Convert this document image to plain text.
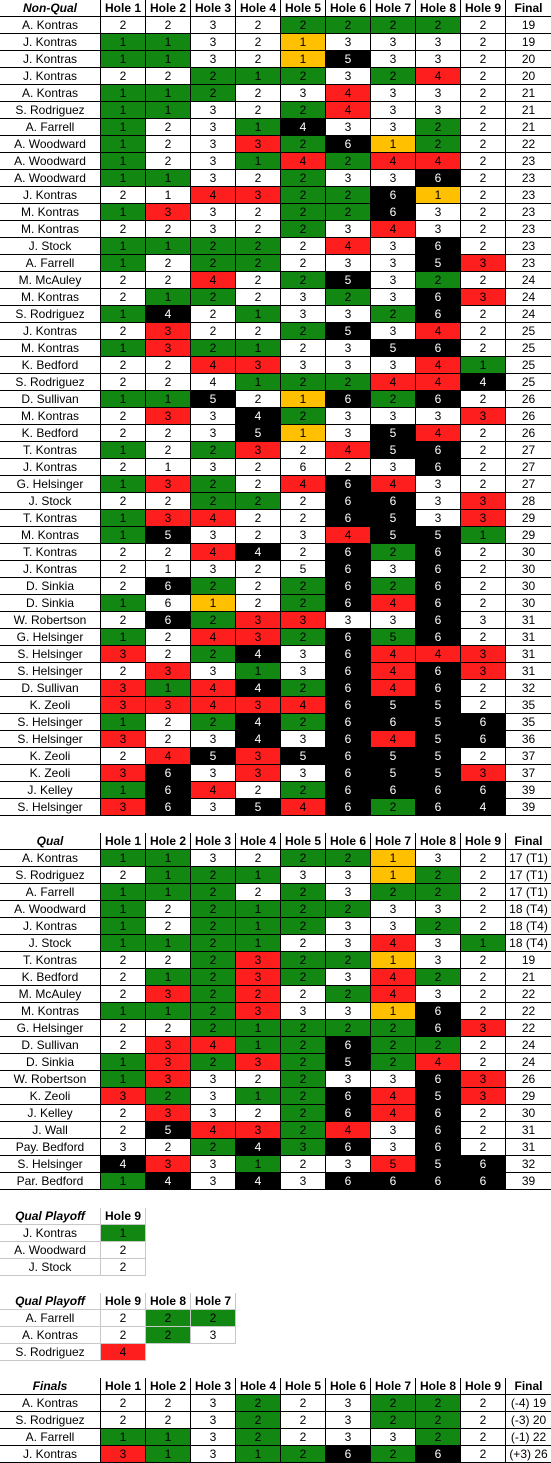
Non-Qual	Hole 1 Hole 2 Hole 3 Hole 4 Hole 5 Hole 6 Hole 7 Hole 8 Hole 9	Final
A. Kontras	2	2	3	2	2	2	2	2	2	19
J. Kontras	1	1	3	2	1	3	3	3	2	19
J. Kontras	1	1	3	2	1	5	3	3	2	20
J. Kontras	2	2	2	1	2	3	2	4	2	20
A. Kontras	1	1	2	2	3	4	3	3	2	21
S. Rodriguez	1	1	3	2	2	4	3	3	2	21
A. Farrell	1	2	3	1	4	3	3	2	2	21
A. Woodward	1	2	3	3	2	6	1	2	2	22
A. Woodward	1	2	3	1	4	2	4	4	2	23
A. Woodward	1	1	3	2	2	3	3	6	2	23
J. Kontras	2	1	4	3	2	2	6	1	2	23
M. Kontras	1	3	3	2	2	2	6	3	2	23
M. Kontras	2	2	3	2	2	3	4	3	2	23
J. Stock	1	1	2	2	2	4	3	6	2	23
A. Farrell	1	2	2	2	2	3	3	5	3	23
M. McAuley	2	2	4	2	2	5	3	2	2	24
M. Kontras	2	1	2	2	3	2	3	6	3	24
S. Rodriguez	1	4	2	1	3	3	2	6	2	24
J. Kontras	2	3	2	2	2	5	3	4	2	25
M. Kontras	1	3	2	1	2	3	5	6	2	25
K. Bedford	2	2	4	3	3	3	3	4	1	25
S. Rodriguez	2	2	4	1	2	2	4	4	4	25
D. Sullivan	1	1	5	2	1	6	2	6	2	26
M. Kontras	2	3	3	4	2	3	3	3	3	26
K. Bedford	2	2	3	5	1	3	5	4	2	26
T. Kontras	1	2	2	3	2	4	5	6	2	27
J. Kontras	2	1	3	2	6	2	3	6	2	27
G. Helsinger	1	3	2	2	4	6	4	3	2	27
J. Stock	2	2	2	2	2	6	6	3	3	28
T. Kontras	1	3	4	2	2	6	5	3	3	29
M. Kontras	1	5	3	2	3	4	5	5	1	29
T. Kontras	2	2	4	4	2	6	2	6	2	30
J. Kontras	2	1	3	2	5	6	3	6	2	30
D. Sinkia	2	6	2	2	2	6	2	6	2	30
D. Sinkia	1	6	1	2	2	6	4	6	2	30
W. Robertson	2	6	2	3	3	3	3	6	3	31
G. Helsinger	1	2	4	3	2	6	5	6	2	31
S. Helsinger	3	2	2	4	3	6	4	4	3	31
S. Helsinger	2	3	3	1	3	6	4	6	3	31
D. Sullivan	3	1	4	4	2	6	4	6	2	32
K. Zeoli	3	3	4	3	4	6	5	5	2	35
S. Helsinger	1	2	2	4	2	6	6	5	6	35
S. Helsinger	3	2	3	4	3	6	4	5	6	36
K. Zeoli	2	4	5	3	5	6	5	5	2	37
K. Zeoli	3	6	3	3	3	6	5	5	3	37
J. Kelley	1	6	4	2	2	6	6	6	6	39
S. Helsinger	3	6	3	5	4	6	2	6	4	39
Qual	Hole 1 Hole 2 Hole 3 Hole 4 Hole 5 Hole 6 Hole 7 Hole 8 Hole 9	Final
A. Kontras	1	1	3	2	2	2	1	3	2	17 (T1)
S. Rodriguez	2	1	2	1	3	3	1	2	2	17 (T1)
A. Farrell	1	1	2	2	2	3	2	2	2	17 (T1)
A. Woodward	1	2	2	1	2	2	3	3	2	18 (T4)
J. Kontras	1	2	2	1	2	3	3	2	2	18 (T4)
J. Stock	1	1	2	1	2	3	4	3	1	18 (T4)
T. Kontras	2	2	2	3	2	2	1	3	2	19
K. Bedford	2	1	2	3	2	3	4	2	2	21
M. McAuley	2	3	2	2	2	2	4	3	2	22
M. Kontras	1	1	2	3	3	3	1	6	2	22
G. Helsinger	2	2	2	1	2	2	2	6	3	22
D. Sullivan	2	3	4	1	2	6	2	2	2	24
D. Sinkia	1	3	2	3	2	5	2	4	2	24
W. Robertson	1	3	3	2	2	3	3	6	3	26
K. Zeoli	3	2	3	1	2	6	4	5	3	29
J. Kelley	2	3	3	2	2	6	4	6	2	30
J. Wall	2	5	4	3	2	4	3	6	2	31
Pay. Bedford	3	2	2	4	3	6	3	6	2	31
S. Helsinger	4	3	3	1	2	3	5	5	6	32
Par. Bedford	1	4	3	4	3	6	6	6	6	39
Qual Playoff	Hole 9
J. Kontras	1
A. Woodward	2
J. Stock	2
Qual Playoff	Hole 9 Hole 8 Hole 7
A. Farrell	2	2	2
A. Kontras	2	2	3
S. Rodriguez	4
Finals	Hole 1 Hole 2 Hole 3 Hole 4 Hole 5 Hole 6 Hole 7 Hole 8 Hole 9	Final
A. Kontras	2	2	3	2	2	3	2	2	2	(-4) 19
S. Rodriguez	2	2	3	2	2	3	2	2	2	(-3) 20
A. Farrell	1	1	3	2	2	3	3	2	2	(-1) 22
J. Kontras	3	1	3	1	2	6	2	6	2	(+3) 26
